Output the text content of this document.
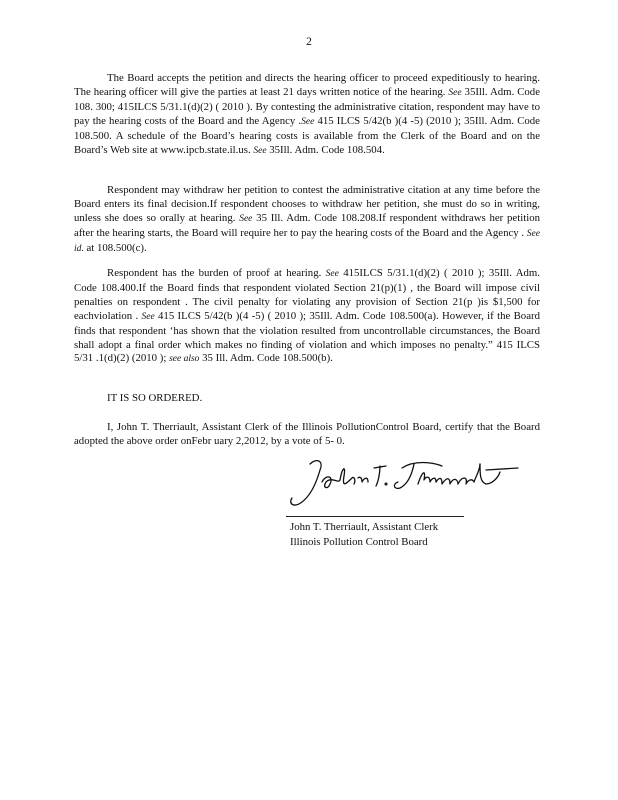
2

The Board accepts the petition and directs the hearing officer to proceed expeditiously to hearing. The hearing officer will give the parties at least 21 days written notice of the hearing. See 35Ill. Adm. Code 108. 300; 415ILCS 5/31.1(d)(2) ( 2010 ). By contesting the administrative citation, respondent may have to pay the hearing costs of the Board and the Agency .See 415 ILCS 5/42(b )(4 -5) (2010 ); 35Ill. Adm. Code 108.500. A schedule of the Board’s hearing costs is available from the Clerk of the Board and on the Board’s Web site at www.ipcb.state.il.us. See 35Ill. Adm. Code 108.504.

Respondent may withdraw her petition to contest the administrative citation at any time before the Board enters its final decision.If respondent chooses to withdraw her petition, she must do so in writing, unless she does so orally at hearing. See 35 Ill. Adm. Code 108.208.If respondent withdraws her petition after the hearing starts, the Board will require her to pay the hearing costs of the Board and the Agency . See id. at 108.500(c).

Respondent has the burden of proof at hearing. See 415ILCS 5/31.1(d)(2) ( 2010 ); 35Ill. Adm. Code 108.400.If the Board finds that respondent violated Section 21(p)(1) , the Board will impose civil penalties on respondent . The civil penalty for violating any provision of Section 21(p )is $1,500 for eachviolation . See 415 ILCS 5/42(b )(4 -5) ( 2010 ); 35Ill. Adm. Code 108.500(a). However, if the Board finds that respondent ‘has shown that the violation resulted from uncontrollable circumstances, the Board shall adopt a final order which makes no finding of violation and which imposes no penalty.” 415 ILCS 5/31 .1(d)(2) (2010 ); see also 35 Ill. Adm. Code 108.500(b).

IT IS SO ORDERED.

I, John T. Therriault, Assistant Clerk of the Illinois PollutionControl Board, certify that the Board adopted the above order onFebr uary 2,2012, by a vote of 5- 0.

John T. Therriault, Assistant Clerk
Illinois Pollution Control Board
